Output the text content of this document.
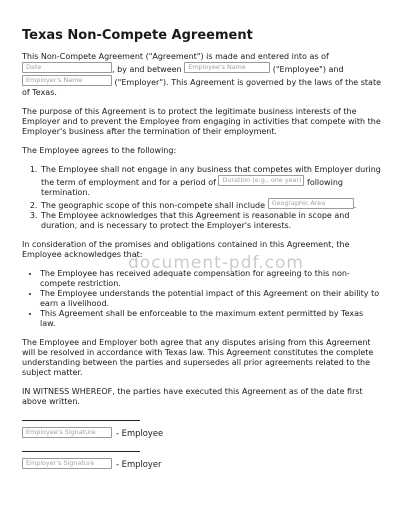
Texas Non-Compete Agreement

This Non-Compete Agreement ("Agreement") is made and entered into as of Date	, by and between Employee's Name	("Employee") and Employer's Name	("Employer"). This Agreement is governed by the laws of the state of Texas.

The purpose of this Agreement is to protect the legitimate business interests of the Employer and to prevent the Employee from engaging in activities that compete with the Employer's business after the termination of their employment.

The Employee agrees to the following:

1. The Employee shall not engage in any business that competes with Employer during the term of employment and for a period of Duration (e.g., one year) following termination.
2. The geographic scope of this non-compete shall include Geographic Area	.
3. The Employee acknowledges that this Agreement is reasonable in scope and duration, and is necessary to protect the Employer's interests.

In consideration of the promises and obligations contained in this Agreement, the Employee acknowledges that:

• The Employee has received adequate compensation for agreeing to this non-compete restriction.
• The Employee understands the potential impact of this Agreement on their ability to earn a livelihood.
• This Agreement shall be enforceable to the maximum extent permitted by Texas law.

The Employee and Employer both agree that any disputes arising from this Agreement will be resolved in accordance with Texas law. This Agreement constitutes the complete understanding between the parties and supersedes all prior agreements related to the subject matter.

IN WITNESS WHEREOF, the parties have executed this Agreement as of the date first above written.

Employee's Signature	- Employee
Employer's Signature	- Employer
document-pdf.com
